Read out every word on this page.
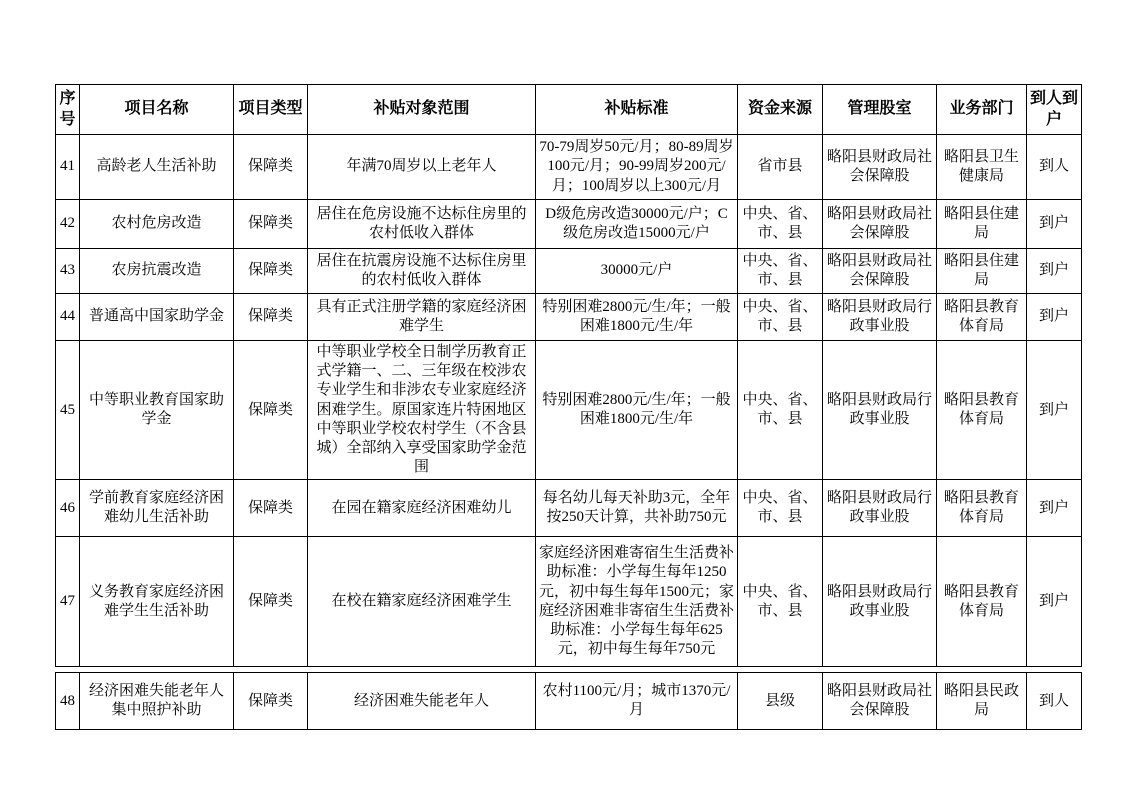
序号	项目名称	项目类型	补贴对象范围	补贴标准	资金来源	管理股室	业务部门	到人到户
41	高龄老人生活补助	保障类	年满70周岁以上老年人	70-79周岁50元/月；80-89周岁100元/月；90-99周岁200元/月；100周岁以上300元/月	省市县	略阳县财政局社会保障股	略阳县卫生健康局	到人
42	农村危房改造	保障类	居住在危房设施不达标住房里的农村低收入群体	D级危房改造30000元/户；C级危房改造15000元/户	中央、省、市、县	略阳县财政局社会保障股	略阳县住建局	到户
43	农房抗震改造	保障类	居住在抗震房设施不达标住房里的农村低收入群体	30000元/户	中央、省、市、县	略阳县财政局社会保障股	略阳县住建局	到户
44	普通高中国家助学金	保障类	具有正式注册学籍的家庭经济困难学生	特别困难2800元/生/年；一般困难1800元/生/年	中央、省、市、县	略阳县财政局行政事业股	略阳县教育体育局	到户
45	中等职业教育国家助学金	保障类	中等职业学校全日制学历教育正式学籍一、二、三年级在校涉农专业学生和非涉农专业家庭经济困难学生。原国家连片特困地区中等职业学校农村学生（不含县城）全部纳入享受国家助学金范围	特别困难2800元/生/年；一般困难1800元/生/年	中央、省、市、县	略阳县财政局行政事业股	略阳县教育体育局	到户
46	学前教育家庭经济困难幼儿生活补助	保障类	在园在籍家庭经济困难幼儿	每名幼儿每天补助3元，全年按250天计算，共补助750元	中央、省、市、县	略阳县财政局行政事业股	略阳县教育体育局	到户
47	义务教育家庭经济困难学生生活补助	保障类	在校在籍家庭经济困难学生	家庭经济困难寄宿生生活费补助标准：小学每生每年1250元，初中每生每年1500元；家庭经济困难非寄宿生生活费补助标准：小学每生每年625元，初中每生每年750元	中央、省、市、县	略阳县财政局行政事业股	略阳县教育体育局	到户
48	经济困难失能老年人集中照护补助	保障类	经济困难失能老年人	农村1100元/月；城市1370元/月	县级	略阳县财政局社会保障股	略阳县民政局	到人
